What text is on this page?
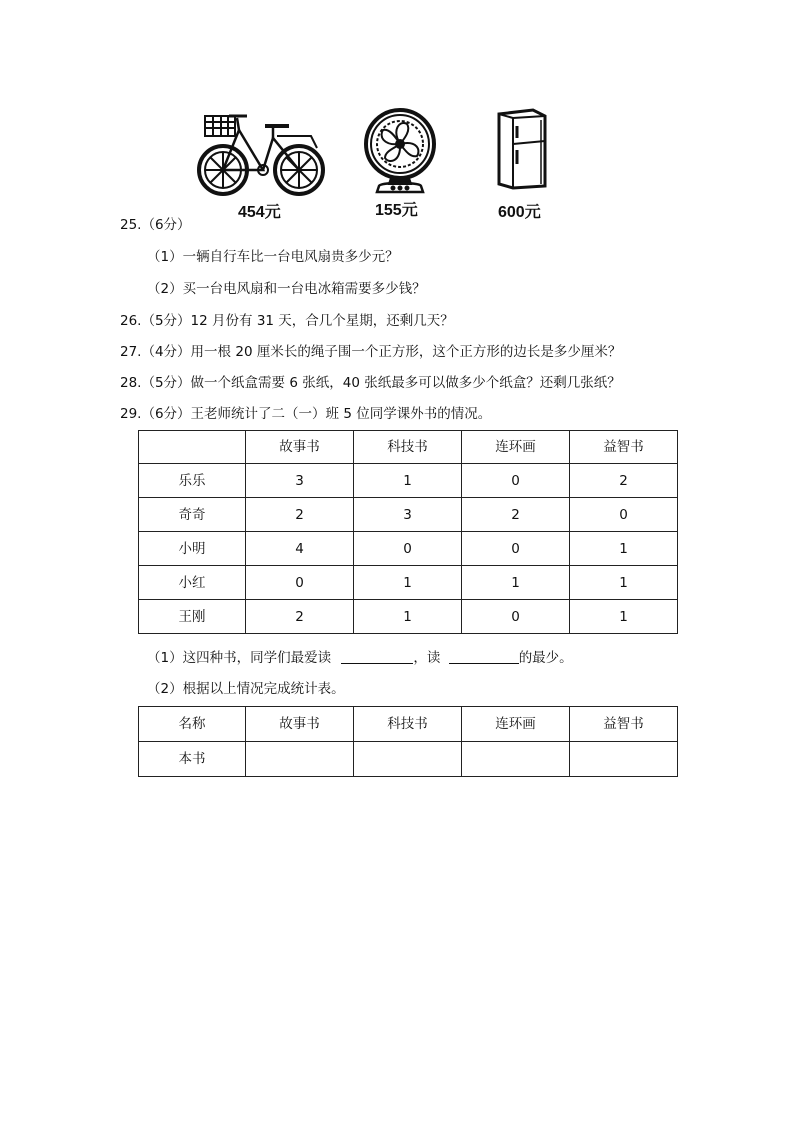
454元	155元	600元
25.（6分）
（1）一辆自行车比一台电风扇贵多少元？
（2）买一台电风扇和一台电冰箱需要多少钱？
26.（5分）12 月份有 31 天，合几个星期，还剩几天？
27.（4分）用一根 20 厘米长的绳子围一个正方形，这个正方形的边长是多少厘米？
28.（5分）做一个纸盒需要 6 张纸，40 张纸最多可以做多少个纸盒？还剩几张纸？
29.（6分）王老师统计了二（一）班 5 位同学课外书的情况。
	故事书	科技书	连环画	益智书
乐乐	3	1	0	2
奇奇	2	3	2	0
小明	4	0	0	1
小红	0	1	1	1
王刚	2	1	0	1
（1）这四种书，同学们最爱读	，读	的最少。
（2）根据以上情况完成统计表。
名称	故事书	科技书	连环画	益智书
本书				
